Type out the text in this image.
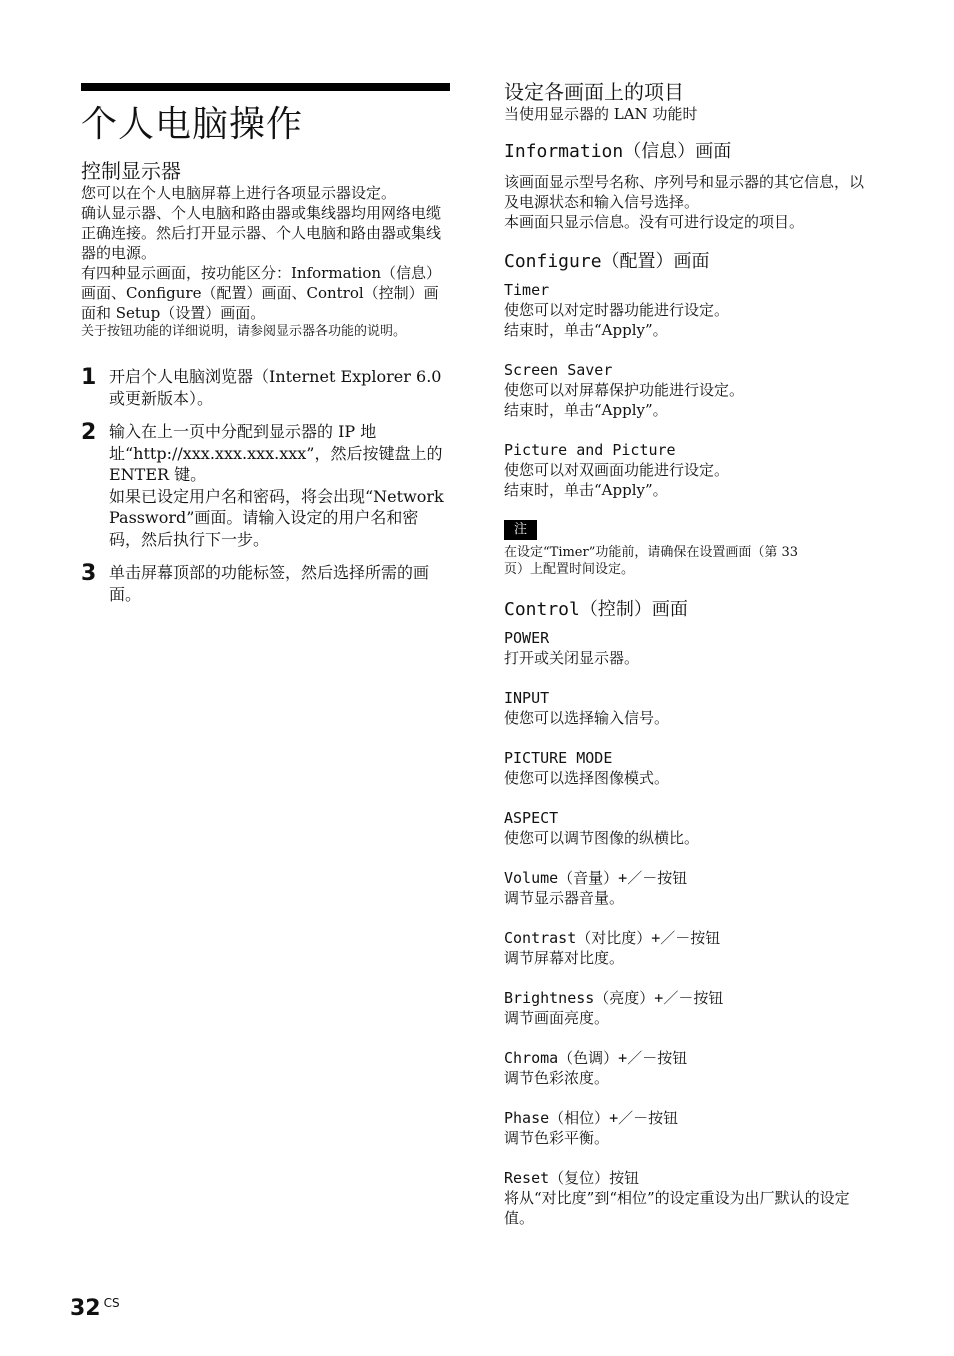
个人电脑操作
控制显示器

您可以在个人电脑屏幕上进行各项显示器设定。

确认显示器、个人电脑和路由器或集线器均用网络电缆正确连接。然后打开显示器、个人电脑和路由器或集线器的电源。

有四种显示画面，按功能区分：Information（信息）画面、Configure（配置）画面、Control（控制）画面和 Setup（设置）画面。

关于按钮功能的详细说明，请参阅显示器各功能的说明。

1 开启个人电脑浏览器（Internet Explorer 6.0 或更新版本）。
2 输入在上一页中分配到显示器的 IP 地址“http://xxx.xxx.xxx.xxx”，然后按键盘上的 ENTER 键。
如果已设定用户名和密码，将会出现“Network Password”画面。请输入设定的用户名和密码，然后执行下一步。
3 单击屏幕顶部的功能标签，然后选择所需的画面。
设定各画面上的项目

当使用显示器的 LAN 功能时

Information（信息）画面

该画面显示型号名称、序列号和显示器的其它信息，以及电源状态和输入信号选择。

本画面只显示信息。没有可进行设定的项目。

Configure（配置）画面

Timer

使您可以对定时器功能进行设定。

结束时，单击“Apply”。

Screen Saver

使您可以对屏幕保护功能进行设定。

结束时，单击“Apply”。

Picture and Picture

使您可以对双画面功能进行设定。

结束时，单击“Apply”。

注

在设定“Timer”功能前，请确保在设置画面（第 33 页）上配置时间设定。

Control（控制）画面

POWER

打开或关闭显示器。

INPUT

使您可以选择输入信号。

PICTURE MODE

使您可以选择图像模式。

ASPECT

使您可以调节图像的纵横比。

Volume（音量）+／－按钮

调节显示器音量。

Contrast（对比度）+／－按钮

调节屏幕对比度。

Brightness（亮度）+／－按钮

调节画面亮度。

Chroma（色调）+／－按钮

调节色彩浓度。

Phase（相位）+／－按钮

调节色彩平衡。

Reset（复位）按钮

将从“对比度”到“相位”的设定重设为出厂默认的设定值。

32 $^{CS}$
